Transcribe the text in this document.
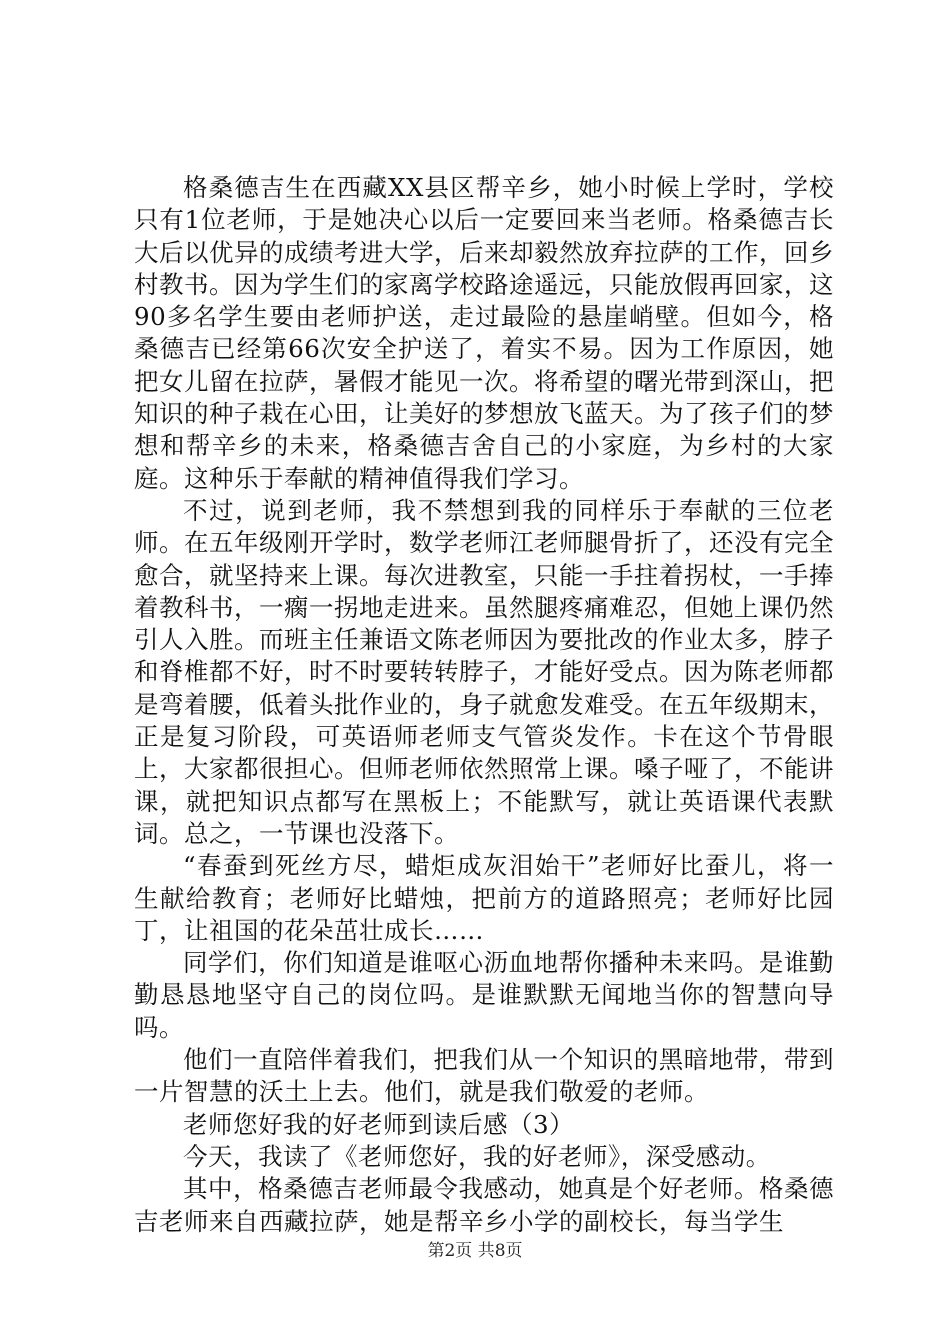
格桑德吉生在西藏XX县区帮辛乡，她小时候上学时，学校只有1位老师，于是她决心以后一定要回来当老师。格桑德吉长大后以优异的成绩考进大学，后来却毅然放弃拉萨的工作，回乡村教书。因为学生们的家离学校路途遥远，只能放假再回家，这90多名学生要由老师护送，走过最险的悬崖峭壁。但如今，格桑德吉已经第66次安全护送了，着实不易。因为工作原因，她把女儿留在拉萨，暑假才能见一次。将希望的曙光带到深山，把知识的种子栽在心田，让美好的梦想放飞蓝天。为了孩子们的梦想和帮辛乡的未来，格桑德吉舍自己的小家庭，为乡村的大家庭。这种乐于奉献的精神值得我们学习。

不过，说到老师，我不禁想到我的同样乐于奉献的三位老师。在五年级刚开学时，数学老师江老师腿骨折了，还没有完全愈合，就坚持来上课。每次进教室，只能一手拄着拐杖，一手捧着教科书，一瘸一拐地走进来。虽然腿疼痛难忍，但她上课仍然引人入胜。而班主任兼语文陈老师因为要批改的作业太多，脖子和脊椎都不好，时不时要转转脖子，才能好受点。因为陈老师都是弯着腰，低着头批作业的，身子就愈发难受。在五年级期末，正是复习阶段，可英语师老师支气管炎发作。卡在这个节骨眼上，大家都很担心。但师老师依然照常上课。嗓子哑了，不能讲课，就把知识点都写在黑板上；不能默写，就让英语课代表默词。总之，一节课也没落下。

“春蚕到死丝方尽，蜡炬成灰泪始干”老师好比蚕儿，将一生献给教育；老师好比蜡烛，把前方的道路照亮；老师好比园丁，让祖国的花朵茁壮成长……

同学们，你们知道是谁呕心沥血地帮你播种未来吗。是谁勤勤恳恳地坚守自己的岗位吗。是谁默默无闻地当你的智慧向导吗。

他们一直陪伴着我们，把我们从一个知识的黑暗地带，带到一片智慧的沃土上去。他们，就是我们敬爱的老师。

老师您好我的好老师到读后感（3）

今天，我读了《老师您好，我的好老师》，深受感动。

其中，格桑德吉老师最令我感动，她真是个好老师。格桑德吉老师来自西藏拉萨，她是帮辛乡小学的副校长，每当学生

第2页 共8页
